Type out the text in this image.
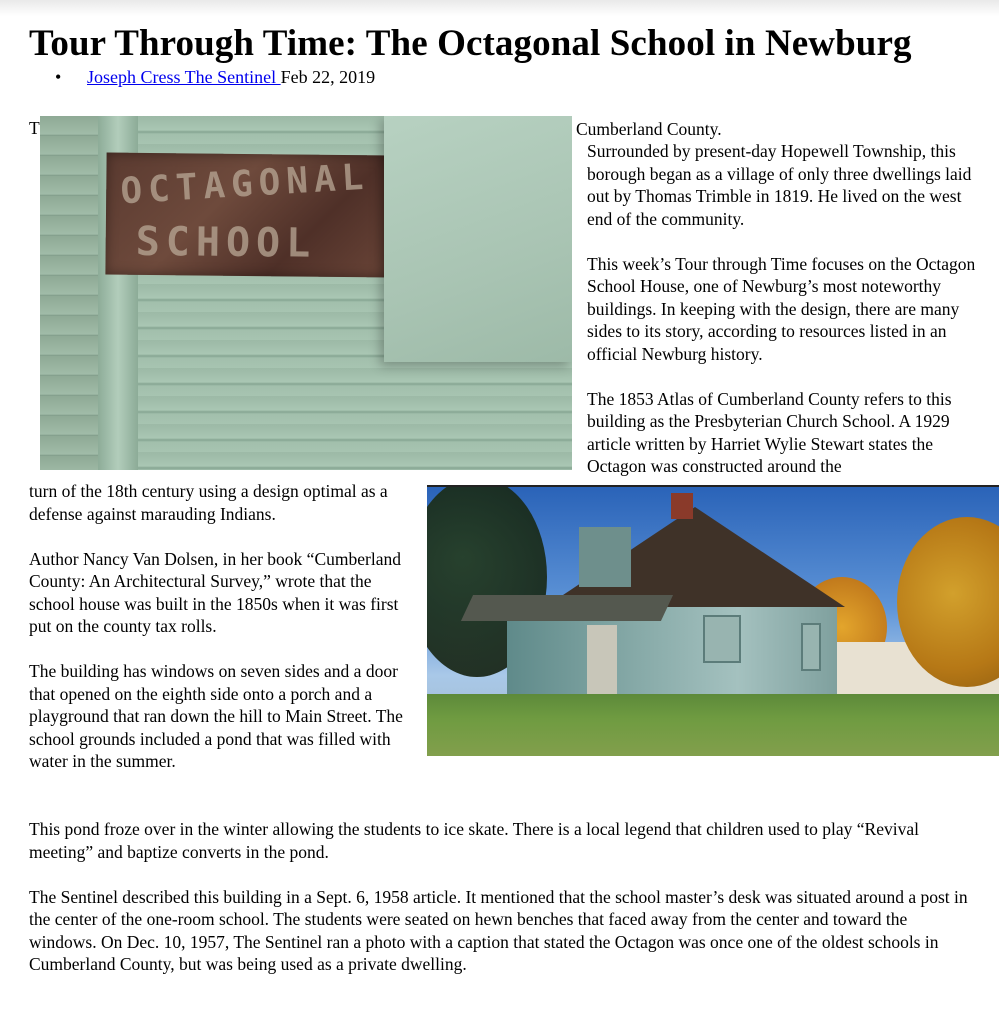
Tour Through Time: The Octagonal School in Newburg
• Joseph Cress The Sentinel Feb 22, 2019
T
OCTAGONAL
SCHOOL
Cumberland County.

Surrounded by present-day Hopewell Township, this borough began as a village of only three dwellings laid out by Thomas Trimble in 1819. He lived on the west end of the community.

This week’s Tour through Time focuses on the Octagon School House, one of Newburg’s most noteworthy buildings. In keeping with the design, there are many sides to its story, according to resources listed in an official Newburg history.

The 1853 Atlas of Cumberland County refers to this building as the Presbyterian Church School. A 1929 article written by Harriet Wylie Stewart states the Octagon was constructed around the

turn of the 18th century using a design optimal as a defense against marauding Indians.

Author Nancy Van Dolsen, in her book “Cumberland County: An Architectural Survey,” wrote that the school house was built in the 1850s when it was first put on the county tax rolls.

The building has windows on seven sides and a door that opened on the eighth side onto a porch and a playground that ran down the hill to Main Street. The school grounds included a pond that was filled with water in the summer.

This pond froze over in the winter allowing the students to ice skate. There is a local legend that children used to play “Revival meeting” and baptize converts in the pond.

The Sentinel described this building in a Sept. 6, 1958 article. It mentioned that the school master’s desk was situated around a post in the center of the one-room school. The students were seated on hewn benches that faced away from the center and toward the windows. On Dec. 10, 1957, The Sentinel ran a photo with a caption that stated the Octagon was once one of the oldest schools in Cumberland County, but was being used as a private dwelling.
